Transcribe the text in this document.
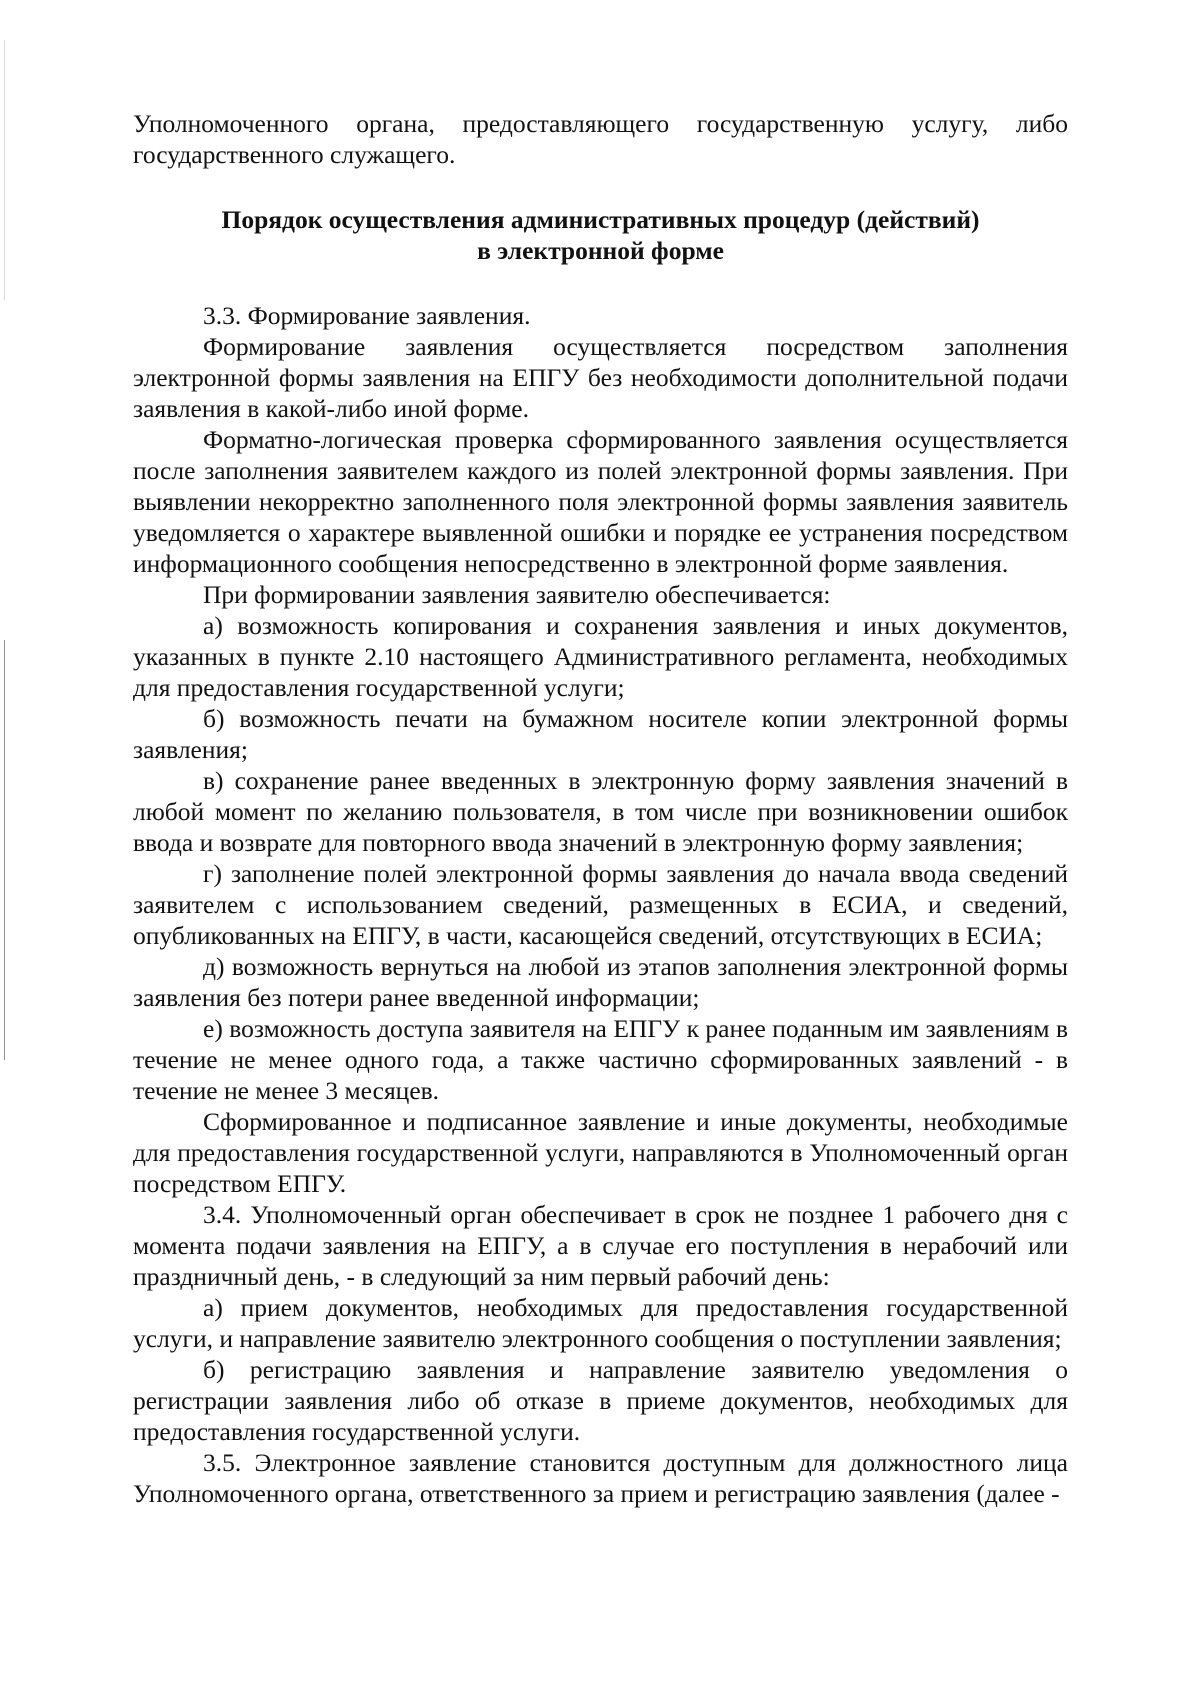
Уполномоченного органа, предоставляющего государственную услугу, либо государственного служащего.

Порядок осуществления административных процедур (действий)
в электронной форме

3.3. Формирование заявления.

Формирование заявления осуществляется посредством заполнения электронной формы заявления на ЕПГУ без необходимости дополнительной подачи заявления в какой-либо иной форме.

Форматно-логическая проверка сформированного заявления осуществляется после заполнения заявителем каждого из полей электронной формы заявления. При выявлении некорректно заполненного поля электронной формы заявления заявитель уведомляется о характере выявленной ошибки и порядке ее устранения посредством информационного сообщения непосредственно в электронной форме заявления.

При формировании заявления заявителю обеспечивается:

а) возможность копирования и сохранения заявления и иных документов, указанных в пункте 2.10 настоящего Административного регламента, необходимых для предоставления государственной услуги;

б) возможность печати на бумажном носителе копии электронной формы заявления;

в) сохранение ранее введенных в электронную форму заявления значений в любой момент по желанию пользователя, в том числе при возникновении ошибок ввода и возврате для повторного ввода значений в электронную форму заявления;

г) заполнение полей электронной формы заявления до начала ввода сведений заявителем с использованием сведений, размещенных в ЕСИА, и сведений, опубликованных на ЕПГУ, в части, касающейся сведений, отсутствующих в ЕСИА;

д) возможность вернуться на любой из этапов заполнения электронной формы заявления без потери ранее введенной информации;

е) возможность доступа заявителя на ЕПГУ к ранее поданным им заявлениям в течение не менее одного года, а также частично сформированных заявлений - в течение не менее 3 месяцев.

Сформированное и подписанное заявление и иные документы, необходимые для предоставления государственной услуги, направляются в Уполномоченный орган посредством ЕПГУ.

3.4. Уполномоченный орган обеспечивает в срок не позднее 1 рабочего дня с момента подачи заявления на ЕПГУ, а в случае его поступления в нерабочий или праздничный день, - в следующий за ним первый рабочий день:

а) прием документов, необходимых для предоставления государственной услуги, и направление заявителю электронного сообщения о поступлении заявления;

б) регистрацию заявления и направление заявителю уведомления о регистрации заявления либо об отказе в приеме документов, необходимых для предоставления государственной услуги.

3.5. Электронное заявление становится доступным для должностного лица Уполномоченного органа, ответственного за прием и регистрацию заявления (далее -
